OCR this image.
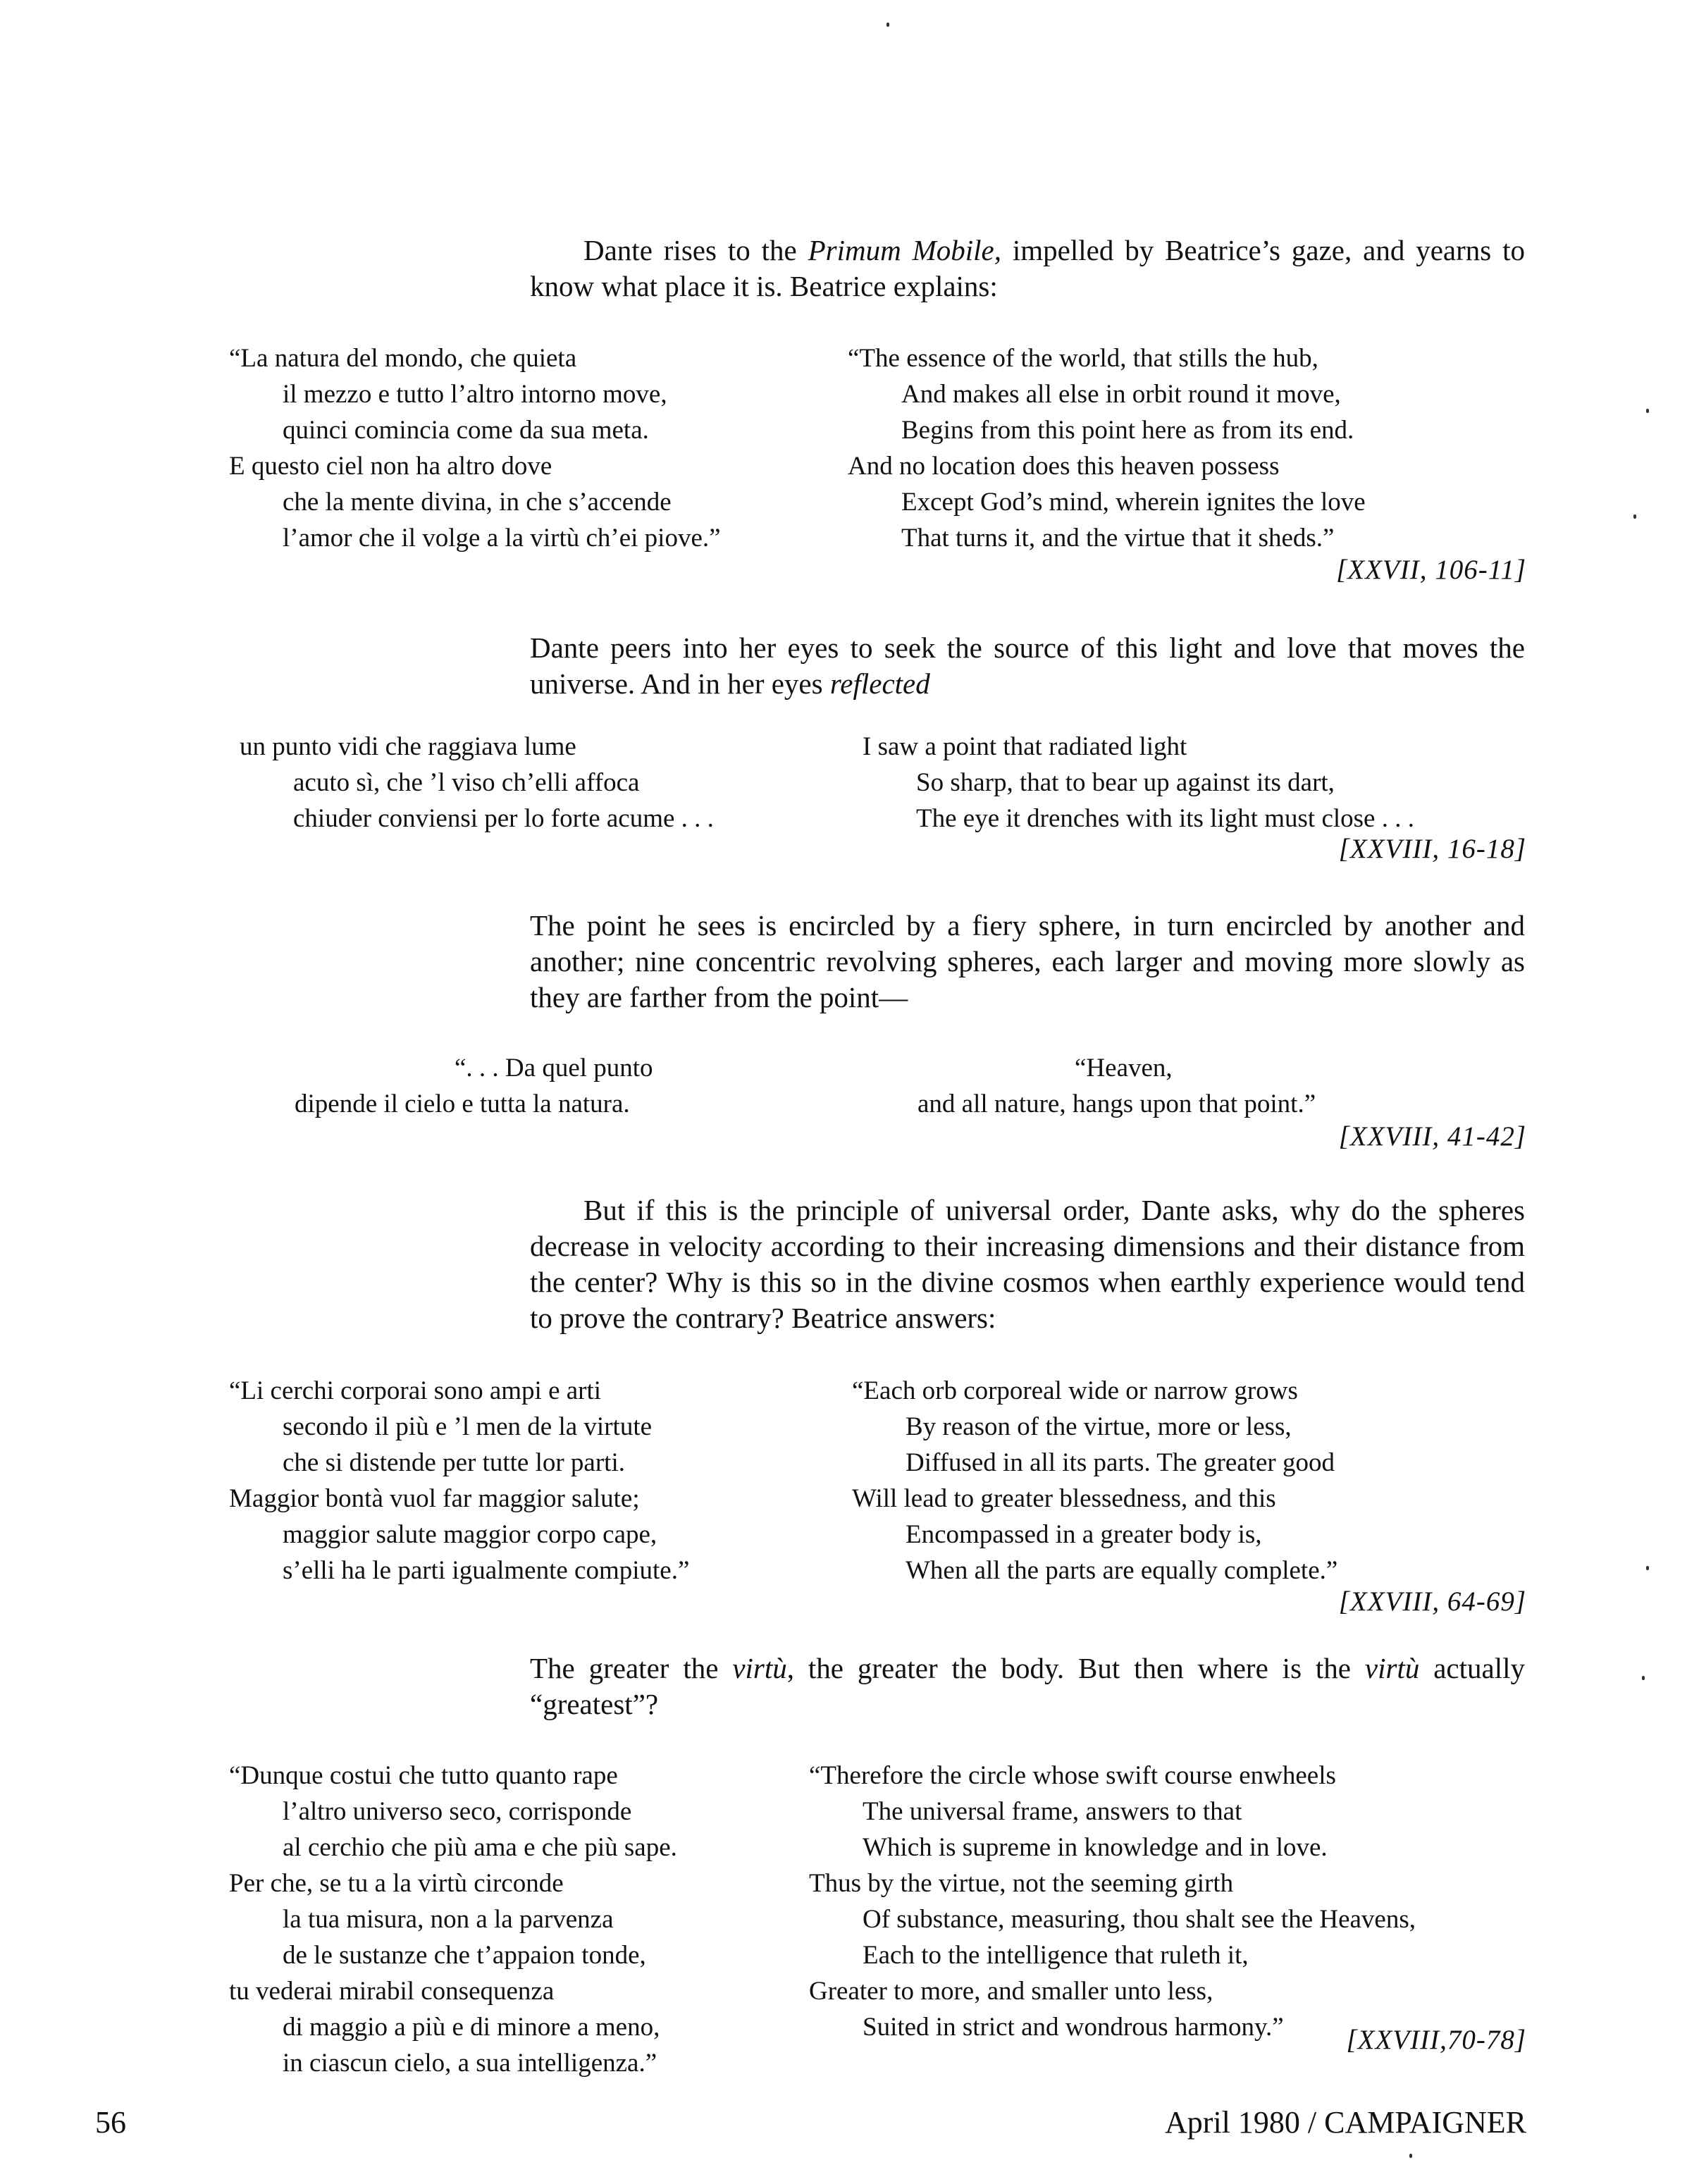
Dante rises to the Primum Mobile, impelled by Beatrice’s gaze, and yearns to know what place it is. Beatrice explains:

“La natura del mondo, che quieta
il mezzo e tutto l’altro intorno move,
quinci comincia come da sua meta.
E questo ciel non ha altro dove
che la mente divina, in che s’accende
l’amor che il volge a la virtù ch’ei piove.”
“The essence of the world, that stills the hub,
And makes all else in orbit round it move,
Begins from this point here as from its end.
And no location does this heaven possess
Except God’s mind, wherein ignites the love
That turns it, and the virtue that it sheds.”
[XXVII, 106-11]

Dante peers into her eyes to seek the source of this light and love that moves the universe. And in her eyes reflected

un punto vidi che raggiava lume
acuto sì, che ’l viso ch’elli affoca
chiuder conviensi per lo forte acume . . .
I saw a point that radiated light
So sharp, that to bear up against its dart,
The eye it drenches with its light must close . . .
[XXVIII, 16-18]
The point he sees is encircled by a fiery sphere, in turn encircled by another and another; nine concentric revolving spheres, each larger and moving more slowly as they are farther from the point—
“. . . Da quel punto
dipende il cielo e tutta la natura.
“Heaven,
and all nature, hangs upon that point.”
[XXVIII, 41-42]

But if this is the principle of universal order, Dante asks, why do the spheres decrease in velocity according to their increasing dimensions and their distance from the center? Why is this so in the divine cosmos when earthly experience would tend to prove the contrary? Beatrice answers:

“Li cerchi corporai sono ampi e arti
secondo il più e ’l men de la virtute
che si distende per tutte lor parti.
Maggior bontà vuol far maggior salute;
maggior salute maggior corpo cape,
s’elli ha le parti igualmente compiute.”
“Each orb corporeal wide or narrow grows
By reason of the virtue, more or less,
Diffused in all its parts. The greater good
Will lead to greater blessedness, and this
Encompassed in a greater body is,
When all the parts are equally complete.”
[XXVIII, 64-69]

The greater the virtù, the greater the body. But then where is the virtù actually “greatest”?

“Dunque costui che tutto quanto rape
l’altro universo seco, corrisponde
al cerchio che più ama e che più sape.
Per che, se tu a la virtù circonde
la tua misura, non a la parvenza
de le sustanze che t’appaion tonde,
tu vederai mirabil consequenza
di maggio a più e di minore a meno,
in ciascun cielo, a sua intelligenza.”
“Therefore the circle whose swift course enwheels
The universal frame, answers to that
Which is supreme in knowledge and in love.
Thus by the virtue, not the seeming girth
Of substance, measuring, thou shalt see the Heavens,
Each to the intelligence that ruleth it,
Greater to more, and smaller unto less,
Suited in strict and wondrous harmony.”	[XXVIII,70-78]
56	April 1980 / CAMPAIGNER
